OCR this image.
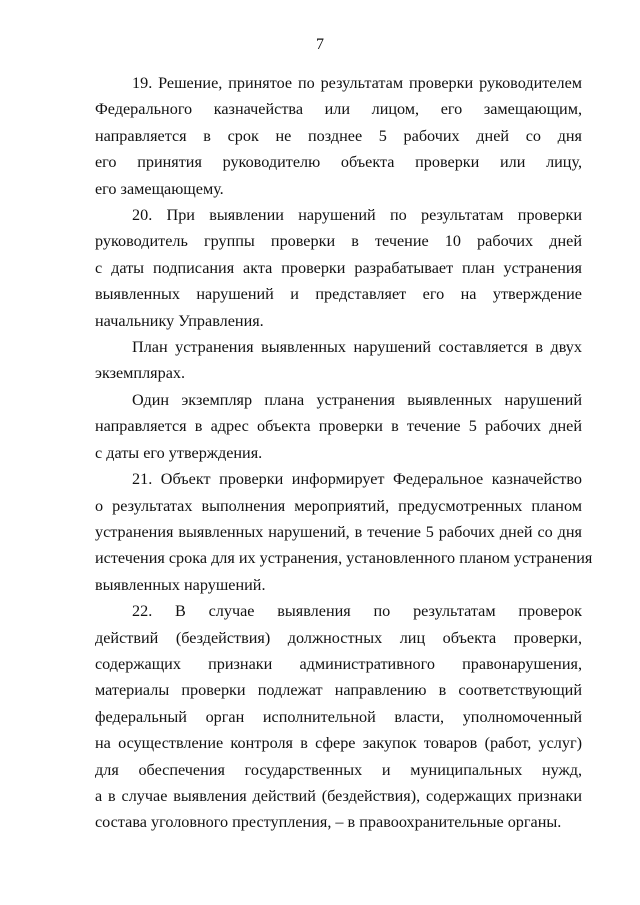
7
19. Решение, принятое по результатам проверки руководителем
Федерального казначейства или лицом, его замещающим,
направляется в срок не позднее 5 рабочих дней со дня
его принятия руководителю объекта проверки или лицу,
его замещающему.
20. При выявлении нарушений по результатам проверки
руководитель группы проверки в течение 10 рабочих дней
с даты подписания акта проверки разрабатывает план устранения
выявленных нарушений и представляет его на утверждение
начальнику Управления.
План устранения выявленных нарушений составляется в двух
экземплярах.
Один экземпляр плана устранения выявленных нарушений
направляется в адрес объекта проверки в течение 5 рабочих дней
с даты его утверждения.
21. Объект проверки информирует Федеральное казначейство
о результатах выполнения мероприятий, предусмотренных планом
устранения выявленных нарушений, в течение 5 рабочих дней со дня
истечения срока для их устранения, установленного планом устранения
выявленных нарушений.
22. В случае выявления по результатам проверок
действий (бездействия) должностных лиц объекта проверки,
содержащих признаки административного правонарушения,
материалы проверки подлежат направлению в соответствующий
федеральный орган исполнительной власти, уполномоченный
на осуществление контроля в сфере закупок товаров (работ, услуг)
для обеспечения государственных и муниципальных нужд,
а в случае выявления действий (бездействия), содержащих признаки
состава уголовного преступления, – в правоохранительные органы.
